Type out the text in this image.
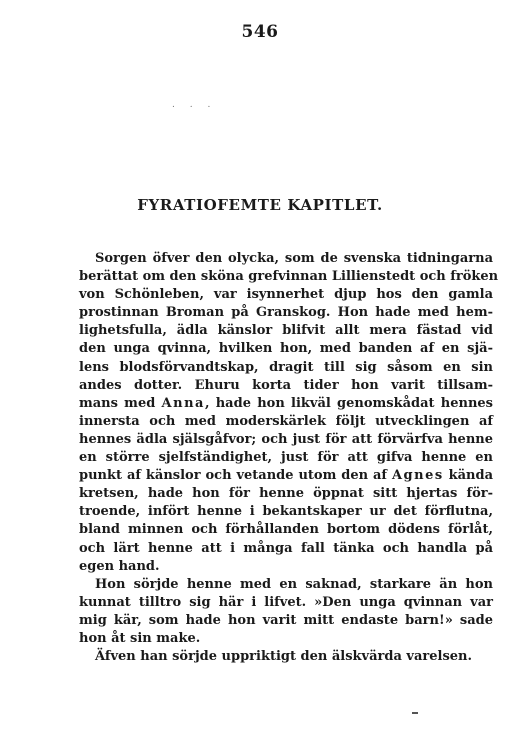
546
. . .
FYRATIOFEMTE KAPITLET.
Sorgen öfver den olycka, som de svenska tidningarna
berättat om den sköna grefvinnan Lillienstedt och fröken
von Schönleben, var isynnerhet djup hos den gamla
prostinnan Broman på Granskog. Hon hade med hem-
lighetsfulla, ädla känslor blifvit allt mera fästad vid
den unga qvinna, hvilken hon, med banden af en sjä-
lens blodsförvandtskap, dragit till sig såsom en sin
andes dotter. Ehuru korta tider hon varit tillsam-
mans med Anna, hade hon likväl genomskådat hennes
innersta och med moderskärlek följt utvecklingen af
hennes ädla själsgåfvor; och just för att förvärfva henne
en större sjelfständighet, just för att gifva henne en
punkt af känslor och vetande utom den af Agnes kända
kretsen, hade hon för henne öppnat sitt hjertas för-
troende, infört henne i bekantskaper ur det förflutna,
bland minnen och förhållanden bortom dödens förlåt,
och lärt henne att i många fall tänka och handla på
egen hand.
Hon sörjde henne med en saknad, starkare än hon
kunnat tilltro sig här i lifvet. »Den unga qvinnan var
mig kär, som hade hon varit mitt endaste barn!» sade
hon åt sin make.
Äfven han sörjde uppriktigt den älskvärda varelsen.
